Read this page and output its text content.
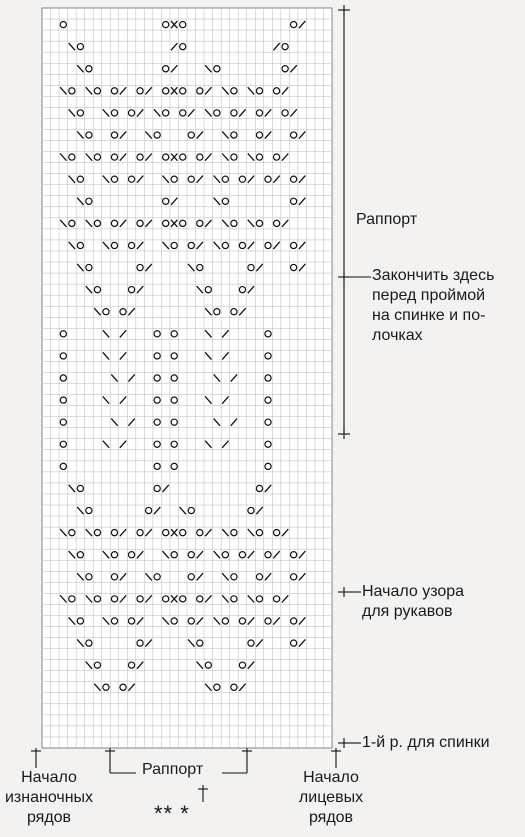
Раппорт
Закончить здесь
перед проймой
на спинке и по-
лочках
Начало узора
для рукавов
1-й р. для спинки
Начало
изнаночных
рядов
Раппорт
** *
Начало
лицевых
рядов
